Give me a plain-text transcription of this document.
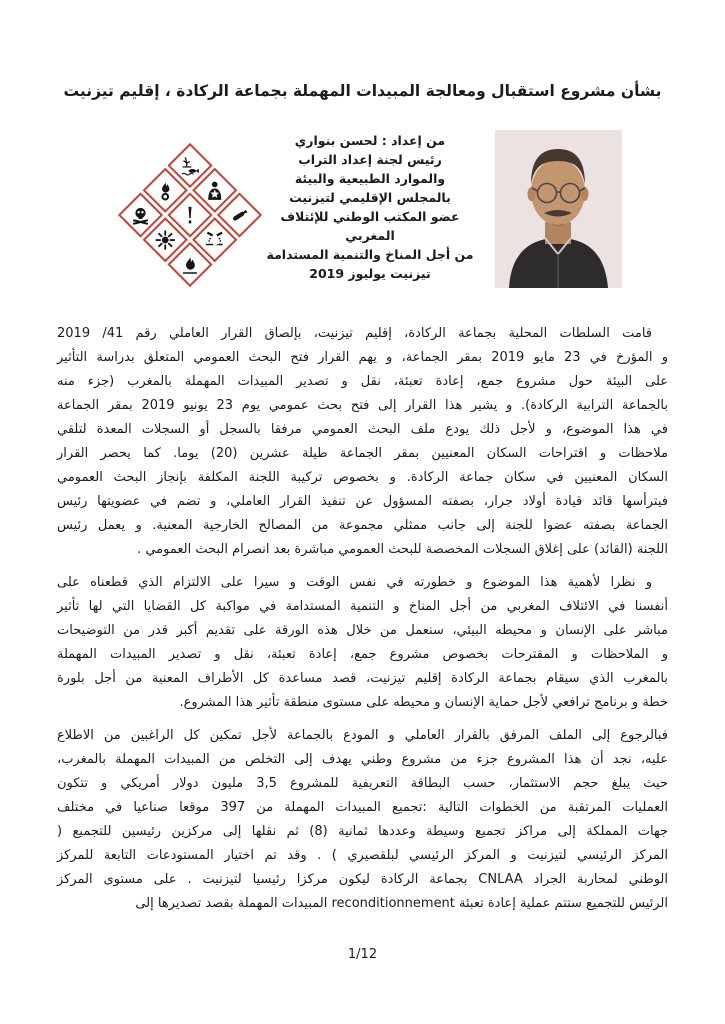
بشأن مشروع استقبال ومعالجة المبيدات المهملة بجماعة الركادة ، إقليم تيزنيت
من إعداد : لحسن بنواري
رئيس لجنة إعداد التراب
والموارد الطبيعية والبيئة
بالمجلس الإقليمي لتيزنيت
عضو المكتب الوطني للإئتلاف
المغربي
من أجل المناخ والتنمية المستدامة
تيزنيت يوليوز 2019
قامت السلطات المحلية بجماعة الركادة، إقليم تيزنيت، بإلصاق القرار العاملي رقم 41/ 2019
و المؤرخ في 23 مايو 2019 بمقر الجماعة، و يهم القرار فتح البحث العمومي المتعلق بدراسة التأثير
على البيئة حول مشروع جمع، إعادة تعبئة، نقل و تصدير المبيدات المهملة بالمغرب (جزء منه
بالجماعة الترابية الركادة). و يشير هذا القرار إلى فتح بحث عمومي يوم 23 يونيو 2019 بمقر الجماعة
في هذا الموضوع، و لأجل ذلك يودع ملف البحث العمومي مرفقا بالسجل أو السجلات المعدة لتلقي
ملاحظات و اقتراحات السكان المعنيين بمقر الجماعة طيلة عشرين (20) يوما. كما يحصر القرار
السكان المعنيين في سكان جماعة الركادة. و بخصوص تركيبة اللجنة المكلفة بإنجاز البحث العمومي
فيترأسها قائد قيادة أولاد جرار، بصفته المسؤول عن تنفيذ القرار العاملي، و تضم في عضويتها رئيس
الجماعة بصفته عضوا للجنة إلى جانب ممثلي مجموعة من المصالح الخارجية المعنية. و يعمل رئيس
اللجنة (القائد) على إغلاق السجلات المخصصة للبحث العمومي مباشرة بعد انصرام البحث العمومي .
و نظرا لأهمية هذا الموضوع و خطورته في نفس الوقت و سيرا على الالتزام الذي قطعناه على
أنفسنا في الائتلاف المغربي من أجل المناخ و التنمية المستدامة في مواكبة كل القضايا التي لها تأثير
مباشر على الإنسان و محيطه البيئي، سنعمل من خلال هذه الورقة على تقديم أكبر قدر من التوضيحات
و الملاحظات و المقترحات بخصوص مشروع جمع، إعادة تعبئة، نقل و تصدير المبيدات المهملة
بالمغرب الذي سيقام بجماعة الركادة إقليم تيزنيت، قصد مساعدة كل الأطراف المعنية من أجل بلورة
خطة و برنامج ترافعي لأجل حماية الإنسان و محيطه على مستوى منطقة تأثير هذا المشروع.
فبالرجوع إلى الملف المرفق بالقرار العاملي و المودع بالجماعة لأجل تمكين كل الراغبين من الاطلاع
عليه، نجد أن هذا المشروع جزء من مشروع وطني يهدف إلى التخلص من المبيدات المهملة بالمغرب،
حيث يبلغ حجم الاستثمار، حسب البطاقة التعريفية للمشروع 3,5 مليون دولار أمريكي و تتكون
العمليات المرتقبة من الخطوات التالية :تجميع المبيدات المهملة من 397 موقعا صناعيا في مختلف
جهات المملكة إلى مراكز تجميع وسيطة وعددها ثمانية (8) ثم نقلها إلى مركزين رئيسين للتجميع (
المركز الرئيسي لتيزنيت و المركز الرئيسي لبلقصيري ) . وقد تم اختيار المستودعات التابعة للمركز
الوطني لمحاربة الجراد CNLAA بجماعة الركادة ليكون مركزا رئيسيا لتيزنيت . على مستوى المركز
الرئيس للتجميع ستتم عملية إعادة تعبئة reconditionnement المبيدات المهملة بقصد تصديرها إلى
1/12
